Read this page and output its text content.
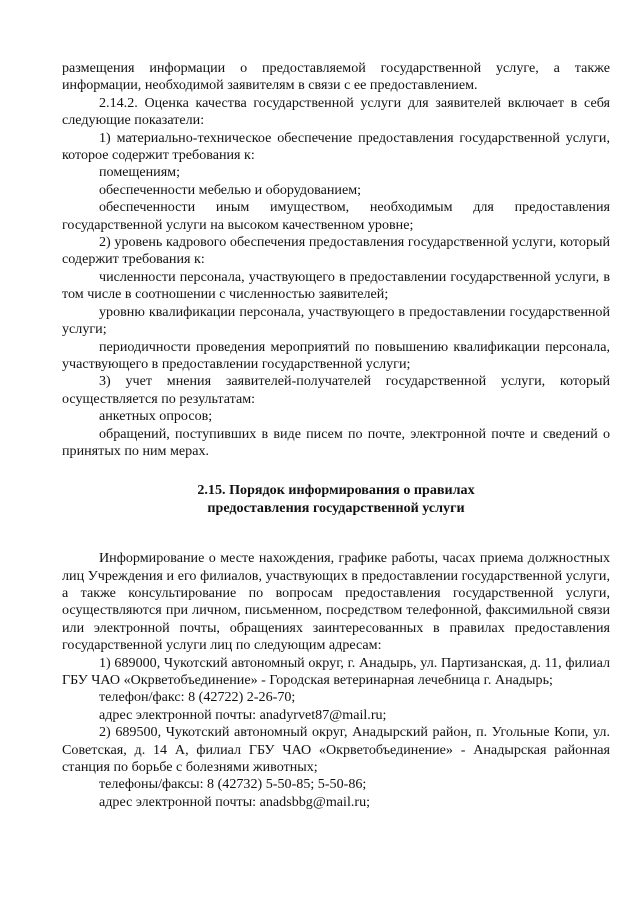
размещения информации о предоставляемой государственной услуге, а также информации, необходимой заявителям в связи с ее предоставлением.

2.14.2. Оценка качества государственной услуги для заявителей включает в себя следующие показатели:

1) материально-техническое обеспечение предоставления государственной услуги, которое содержит требования к:

помещениям;

обеспеченности мебелью и оборудованием;

обеспеченности иным имуществом, необходимым для предоставления государственной услуги на высоком качественном уровне;

2) уровень кадрового обеспечения предоставления государственной услуги, который содержит требования к:

численности персонала, участвующего в предоставлении государственной услуги, в том числе в соотношении с численностью заявителей;

уровню квалификации персонала, участвующего в предоставлении государственной услуги;

периодичности проведения мероприятий по повышению квалификации персонала, участвующего в предоставлении государственной услуги;

3) учет мнения заявителей-получателей государственной услуги, который осуществляется по результатам:

анкетных опросов;

обращений, поступивших в виде писем по почте, электронной почте и сведений о принятых по ним мерах.

2.15. Порядок информирования о правилах

предоставления государственной услуги

Информирование о месте нахождения, графике работы, часах приема должностных лиц Учреждения и его филиалов, участвующих в предоставлении государственной услуги, а также консультирование по вопросам предоставления государственной услуги, осуществляются при личном, письменном, посредством телефонной, факсимильной связи или электронной почты, обращениях заинтересованных в правилах предоставления государственной услуги лиц по следующим адресам:

1) 689000, Чукотский автономный округ, г. Анадырь, ул. Партизанская, д. 11, филиал ГБУ ЧАО «Окрветобъединение» - Городская ветеринарная лечебница г. Анадырь;

телефон/факс: 8 (42722) 2-26-70;

адрес электронной почты: anadyrvet87@mail.ru;

2) 689500, Чукотский автономный округ, Анадырский район, п. Угольные Копи, ул. Советская, д. 14 А, филиал ГБУ ЧАО «Окрветобъединение» - Анадырская районная станция по борьбе с болезнями животных;

телефоны/факсы: 8 (42732) 5-50-85; 5-50-86;

адрес электронной почты: anadsbbg@mail.ru;
